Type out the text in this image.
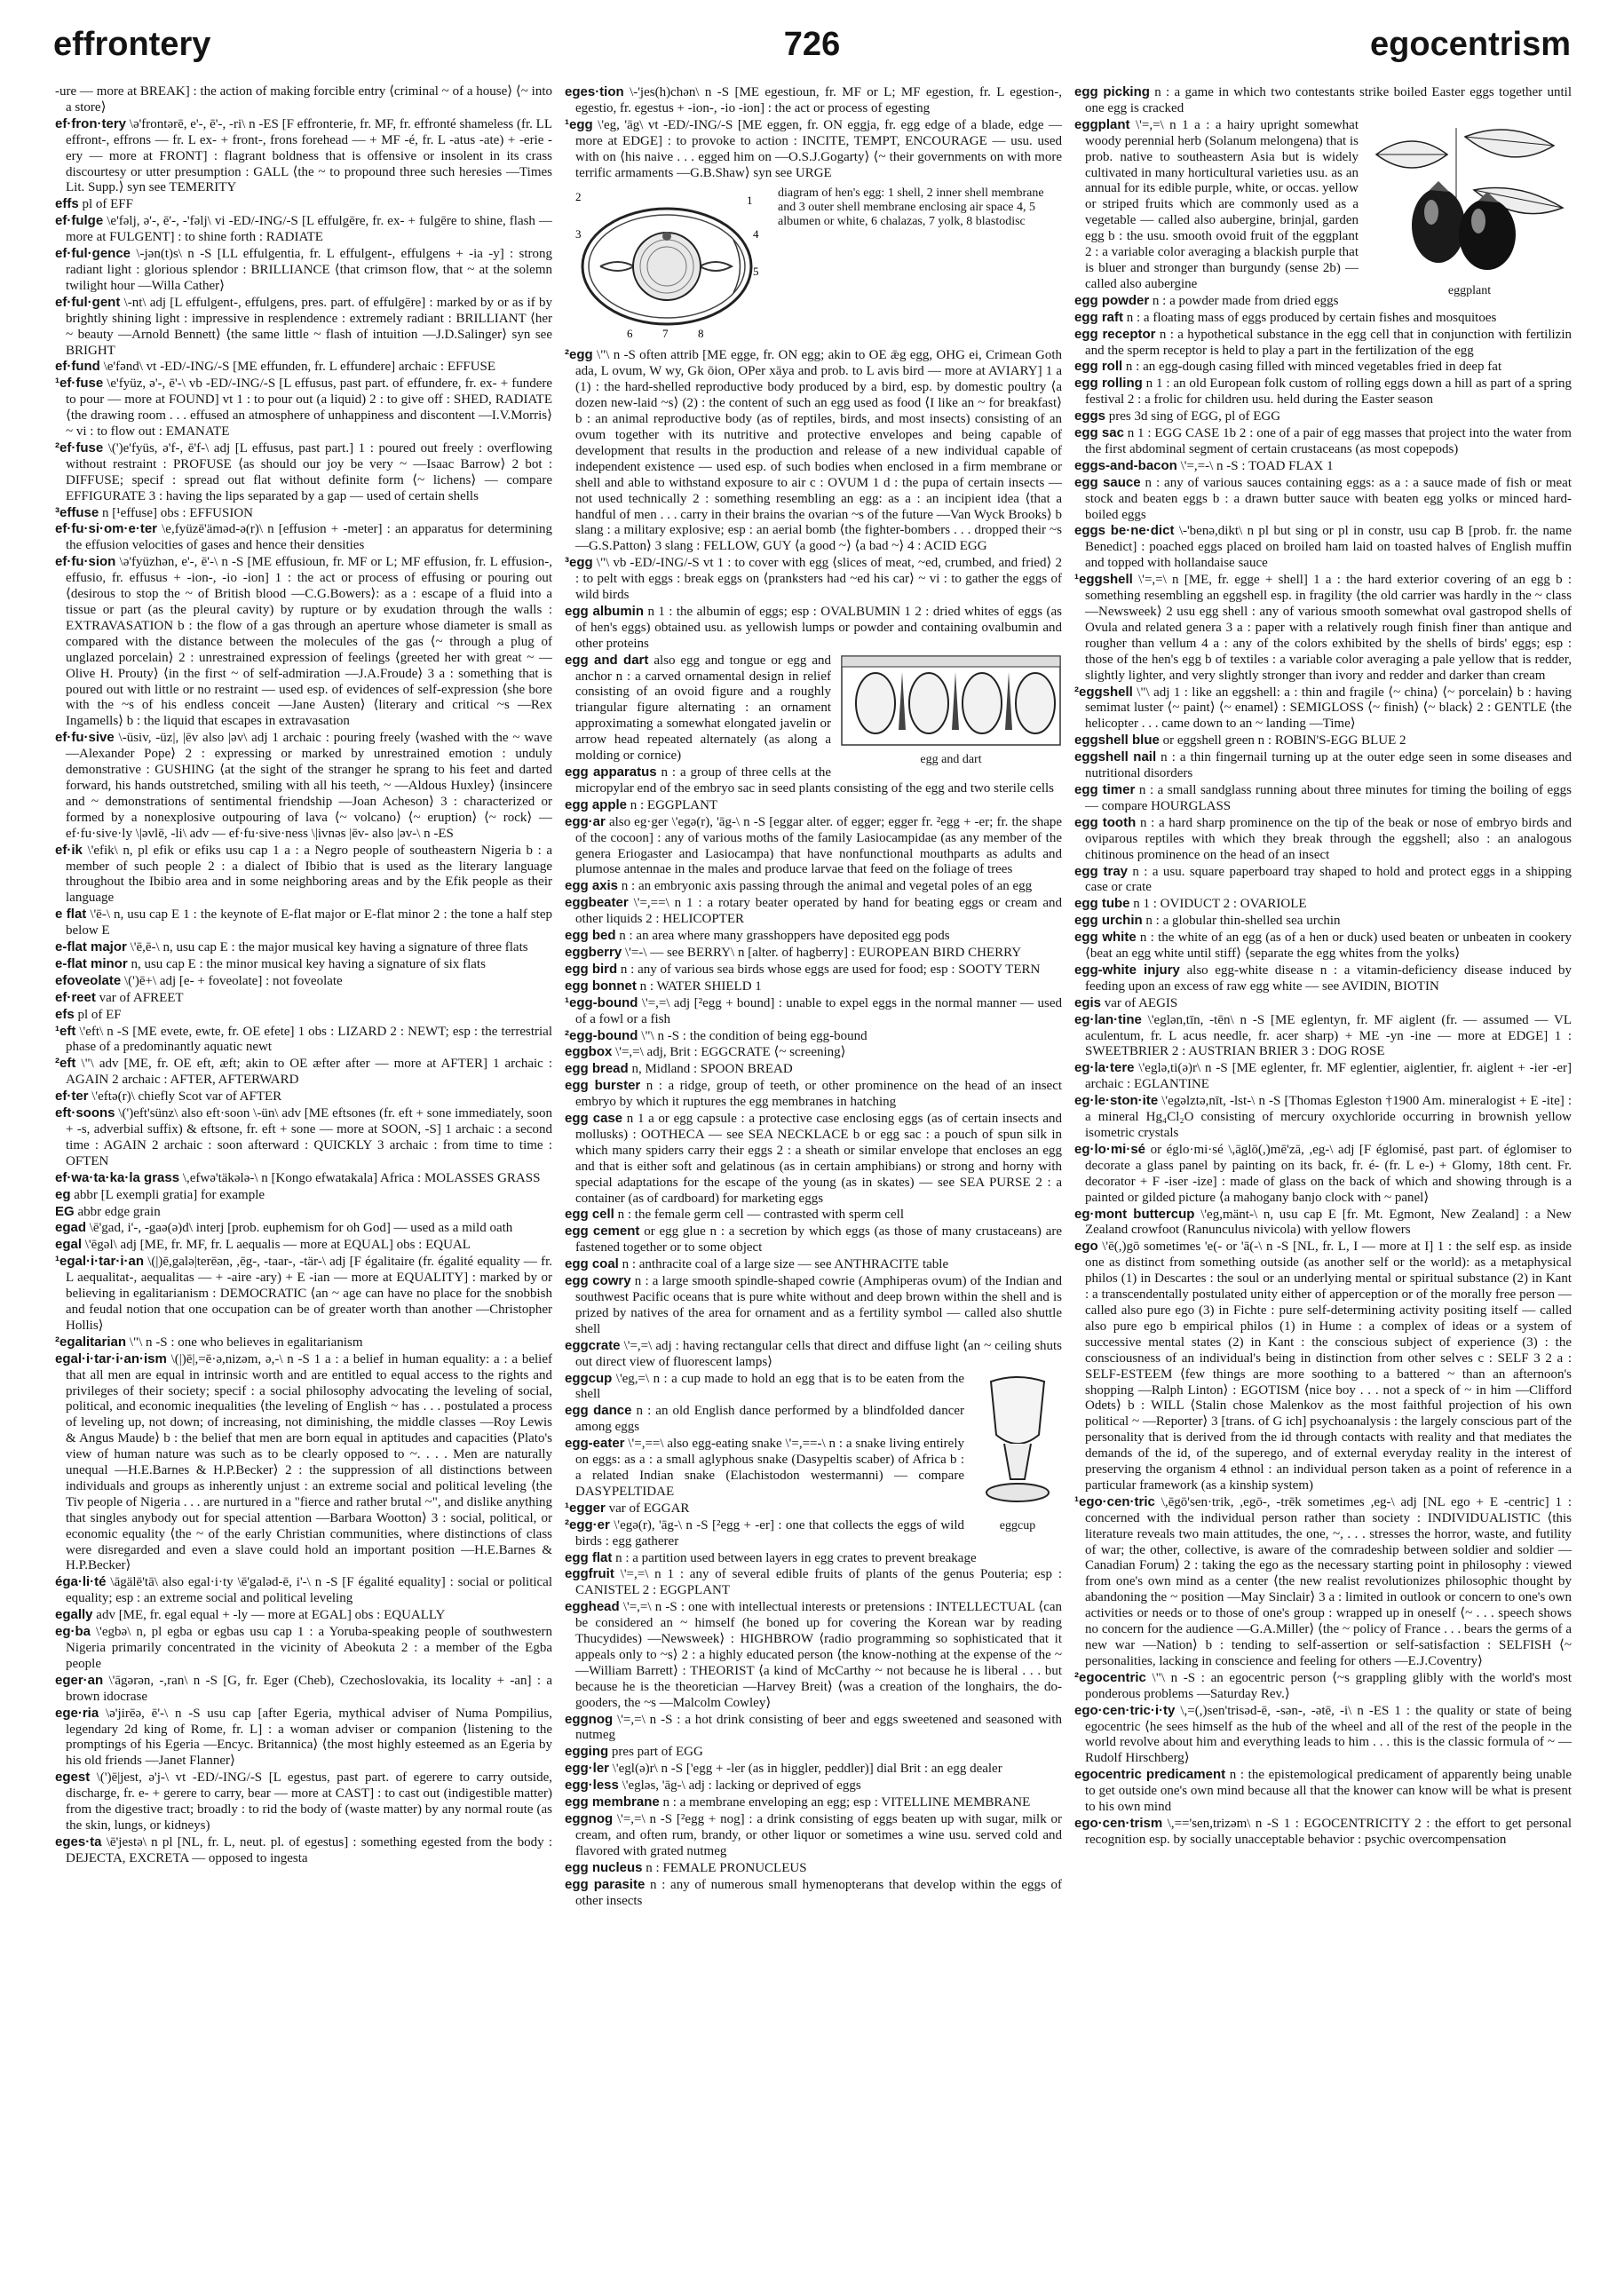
effrontery	726	egocentrism

-ure — more at BREAK] : the action of making forcible entry ⟨criminal ~ of a house⟩ ⟨~ into a store⟩

ef·fron·tery \ə'frontərē, e'-, ē'-, -ri\ n -ES [F effronterie, fr. MF, fr. effronté shameless (fr. LL effront-, effrons — fr. L ex- + front-, frons forehead — + MF -é, fr. L -atus -ate) + -erie -ery — more at FRONT] : flagrant boldness that is offensive or insolent in its crass discourtesy or utter presumption : GALL ⟨the ~ to propound three such heresies —Times Lit. Supp.⟩ syn see TEMERITY

effs pl of EFF

ef·fulge \e'fəlj, ə'-, ē'-, -'fəlj\ vi -ED/-ING/-S [L effulgēre, fr. ex- + fulgēre to shine, flash — more at FULGENT] : to shine forth : RADIATE

ef·ful·gence \-jən(t)s\ n -S [LL effulgentia, fr. L effulgent-, effulgens + -ia -y] : strong radiant light : glorious splendor : BRILLIANCE ⟨that crimson flow, that ~ at the solemn twilight hour —Willa Cather⟩

ef·ful·gent \-nt\ adj [L effulgent-, effulgens, pres. part. of effulgēre] : marked by or as if by brightly shining light : impressive in resplendence : extremely radiant : BRILLIANT ⟨her ~ beauty —Arnold Bennett⟩ ⟨the same little ~ flash of intuition —J.D.Salinger⟩ syn see BRIGHT

ef·fund \e'fənd\ vt -ED/-ING/-S [ME effunden, fr. L effundere] archaic : EFFUSE

¹ef·fuse \e'fyüz, ə'-, ē'-\ vb -ED/-ING/-S [L effusus, past part. of effundere, fr. ex- + fundere to pour — more at FOUND] vt 1 : to pour out (a liquid) 2 : to give off : SHED, RADIATE ⟨the drawing room . . . effused an atmosphere of unhappiness and discontent —I.V.Morris⟩ ~ vi : to flow out : EMANATE

²ef·fuse \(')e'fyüs, ə'f-, ē'f-\ adj [L effusus, past part.] 1 : poured out freely : overflowing without restraint : PROFUSE ⟨as should our joy be very ~ —Isaac Barrow⟩ 2 bot : DIFFUSE; specif : spread out flat without definite form ⟨~ lichens⟩ — compare EFFIGURATE 3 : having the lips separated by a gap — used of certain shells

³effuse n [¹effuse] obs : EFFUSION

ef·fu·si·om·e·ter \e,fyüzē'äməd-ə(r)\ n [effusion + -meter] : an apparatus for determining the effusion velocities of gases and hence their densities

ef·fu·sion \ə'fyüzhən, e'-, ē'-\ n -S [ME effusioun, fr. MF or L; MF effusion, fr. L effusion-, effusio, fr. effusus + -ion-, -io -ion] 1 : the act or process of effusing or pouring out ⟨desirous to stop the ~ of British blood —C.G.Bowers⟩: as a : escape of a fluid into a tissue or part (as the pleural cavity) by rupture or by exudation through the walls : EXTRAVASATION b : the flow of a gas through an aperture whose diameter is small as compared with the distance between the molecules of the gas ⟨~ through a plug of unglazed porcelain⟩ 2 : unrestrained expression of feelings ⟨greeted her with great ~ —Olive H. Prouty⟩ ⟨in the first ~ of self-admiration —J.A.Froude⟩ 3 a : something that is poured out with little or no restraint — used esp. of evidences of self-expression ⟨she bore with the ~s of his endless conceit —Jane Austen⟩ ⟨literary and critical ~s —Rex Ingamells⟩ b : the liquid that escapes in extravasation

ef·fu·sive \-üsiv, -üz|, |ēv also |əv\ adj 1 archaic : pouring freely ⟨washed with the ~ wave —Alexander Pope⟩ 2 : expressing or marked by unrestrained emotion : unduly demonstrative : GUSHING ⟨at the sight of the stranger he sprang to his feet and darted forward, his hands outstretched, smiling with all his teeth, ~ —Aldous Huxley⟩ ⟨insincere and ~ demonstrations of sentimental friendship —Joan Acheson⟩ 3 : characterized or formed by a nonexplosive outpouring of lava ⟨~ volcano⟩ ⟨~ eruption⟩ ⟨~ rock⟩ — ef·fu·sive·ly \|əvlē, -li\ adv — ef·fu·sive·ness \|ivnəs |ēv- also |əv-\ n -ES

ef·ik \'efik\ n, pl efik or efiks usu cap 1 a : a Negro people of southeastern Nigeria b : a member of such people 2 : a dialect of Ibibio that is used as the literary language throughout the Ibibio area and in some neighboring areas and by the Efik people as their language

e flat \'ē-\ n, usu cap E 1 : the keynote of E-flat major or E-flat minor 2 : the tone a half step below E

e-flat major \'ē,ē-\ n, usu cap E : the major musical key having a signature of three flats

e-flat minor n, usu cap E : the minor musical key having a signature of six flats

efoveolate \(')ē+\ adj [e- + foveolate] : not foveolate

ef·reet var of AFREET

efs pl of EF

¹eft \'eft\ n -S [ME evete, ewte, fr. OE efete] 1 obs : LIZARD 2 : NEWT; esp : the terrestrial phase of a predominantly aquatic newt

²eft \"\ adv [ME, fr. OE eft, æft; akin to OE æfter after — more at AFTER] 1 archaic : AGAIN 2 archaic : AFTER, AFTERWARD

ef·ter \'eftə(r)\ chiefly Scot var of AFTER

eft·soons \(')eft'sünz\ also eft·soon \-ün\ adv [ME eftsones (fr. eft + sone immediately, soon + -s, adverbial suffix) & eftsone, fr. eft + sone — more at SOON, -S] 1 archaic : a second time : AGAIN 2 archaic : soon afterward : QUICKLY 3 archaic : from time to time : OFTEN

ef·wa·ta·ka·la grass \,efwə'täkələ-\ n [Kongo efwatakala] Africa : MOLASSES GRASS

eg abbr [L exempli gratia] for example

EG abbr edge grain

egad \ē'gad, i'-, -gaə(ə)d\ interj [prob. euphemism for oh God] — used as a mild oath

egal \'ēgəl\ adj [ME, fr. MF, fr. L aequalis — more at EQUAL] obs : EQUAL

¹egal·i·tar·i·an \(|)ē,galə|terēən, ,ēg-, -taar-, -tär-\ adj [F égalitaire (fr. égalité equality — fr. L aequalitat-, aequalitas — + -aire -ary) + E -ian — more at EQUALITY] : marked by or believing in egalitarianism : DEMOCRATIC ⟨an ~ age can have no place for the snobbish and feudal notion that one occupation can be of greater worth than another —Christopher Hollis⟩

²egalitarian \"\ n -S : one who believes in egalitarianism

egal·i·tar·i·an·ism \(|)ē|,=ē·ə,nizəm, ə,-\ n -S 1 a : a belief in human equality: a : a belief that all men are equal in intrinsic worth and are entitled to equal access to the rights and privileges of their society; specif : a social philosophy advocating the leveling of social, political, and economic inequalities ⟨the leveling of English ~ has . . . postulated a process of leveling up, not down; of increasing, not diminishing, the middle classes —Roy Lewis & Angus Maude⟩ b : the belief that men are born equal in aptitudes and capacities ⟨Plato's view of human nature was such as to be clearly opposed to ~. . . . Men are naturally unequal —H.E.Barnes & H.P.Becker⟩ 2 : the suppression of all distinctions between individuals and groups as inherently unjust : an extreme social and political leveling ⟨the Tiv people of Nigeria . . . are nurtured in a "fierce and rather brutal ~", and dislike anything that singles anybody out for special attention —Barbara Wootton⟩ 3 : social, political, or economic equality ⟨the ~ of the early Christian communities, where distinctions of class were disregarded and even a slave could hold an important position —H.E.Barnes & H.P.Becker⟩

éga·li·té \āgälē'tā\ also egal·i·ty \ē'galəd-ē, i'-\ n -S [F égalité equality] : social or political equality; esp : an extreme social and political leveling

egally adv [ME, fr. egal equal + -ly — more at EGAL] obs : EQUALLY

eg·ba \'egbə\ n, pl egba or egbas usu cap 1 : a Yoruba-speaking people of southwestern Nigeria primarily concentrated in the vicinity of Abeokuta 2 : a member of the Egba people

eger·an \'āgərən, -,ran\ n -S [G, fr. Eger (Cheb), Czechoslovakia, its locality + -an] : a brown idocrase

ege·ria \ə'jirēə, ē'-\ n -S usu cap [after Egeria, mythical adviser of Numa Pompilius, legendary 2d king of Rome, fr. L] : a woman adviser or companion ⟨listening to the promptings of his Egeria —Encyc. Britannica⟩ ⟨the most highly esteemed as an Egeria by his old friends —Janet Flanner⟩

egest \(')ē|jest, ə'j-\ vt -ED/-ING/-S [L egestus, past part. of egerere to carry outside, discharge, fr. e- + gerere to carry, bear — more at CAST] : to cast out (indigestible matter) from the digestive tract; broadly : to rid the body of (waste matter) by any normal route (as the skin, lungs, or kidneys)

eges·ta \ē'jestə\ n pl [NL, fr. L, neut. pl. of egestus] : something egested from the body : DEJECTA, EXCRETA — opposed to ingesta

eges·tion \-'jes(h)chən\ n -S [ME egestioun, fr. MF or L; MF egestion, fr. L egestion-, egestio, fr. egestus + -ion-, -io -ion] : the act or process of egesting

¹egg \'eg, 'āg\ vt -ED/-ING/-S [ME eggen, fr. ON eggja, fr. egg edge of a blade, edge — more at EDGE] : to provoke to action : INCITE, TEMPT, ENCOURAGE — usu. used with on ⟨his naive . . . egged him on —O.S.J.Gogarty⟩ ⟨~ their governments on with more terrific armaments —G.B.Shaw⟩ syn see URGE

2
3
1
4
5
6	7	8
diagram of hen's egg: 1 shell, 2 inner shell membrane and 3 outer shell membrane enclosing air space 4, 5 albumen or white, 6 chalazas, 7 yolk, 8 blastodisc

²egg \"\ n -S often attrib [ME egge, fr. ON egg; akin to OE ǣg egg, OHG ei, Crimean Goth ada, L ovum, W wy, Gk ōion, OPer xāya and prob. to L avis bird — more at AVIARY] 1 a (1) : the hard-shelled reproductive body produced by a bird, esp. by domestic poultry ⟨a dozen new-laid ~s⟩ (2) : the content of such an egg used as food ⟨I like an ~ for breakfast⟩ b : an animal reproductive body (as of reptiles, birds, and most insects) consisting of an ovum together with its nutritive and protective envelopes and being capable of development that results in the production and release of a new individual capable of independent existence — used esp. of such bodies when enclosed in a firm membrane or shell and able to withstand exposure to air c : OVUM 1 d : the pupa of certain insects — not used technically 2 : something resembling an egg: as a : an incipient idea ⟨that a handful of men . . . carry in their brains the ovarian ~s of the future —Van Wyck Brooks⟩ b slang : a military explosive; esp : an aerial bomb ⟨the fighter-bombers . . . dropped their ~s —G.S.Patton⟩ 3 slang : FELLOW, GUY ⟨a good ~⟩ ⟨a bad ~⟩ 4 : ACID EGG

³egg \"\ vb -ED/-ING/-S vt 1 : to cover with egg ⟨slices of meat, ~ed, crumbed, and fried⟩ 2 : to pelt with eggs : break eggs on ⟨pranksters had ~ed his car⟩ ~ vi : to gather the eggs of wild birds

egg albumin n 1 : the albumin of eggs; esp : OVALBUMIN 1 2 : dried whites of eggs (as of hen's eggs) obtained usu. as yellowish lumps or powder and containing ovalbumin and other proteins

egg and dart

egg and dart also egg and tongue or egg and anchor n : a carved ornamental design in relief consisting of an ovoid figure and a roughly triangular figure alternating : an ornament approximating a somewhat elongated javelin or arrow head repeated alternately (as along a molding or cornice)

egg apparatus n : a group of three cells at the micropylar end of the embryo sac in seed plants consisting of the egg and two sterile cells

egg apple n : EGGPLANT

egg·ar also eg·ger \'egə(r), 'āg-\ n -S [eggar alter. of egger; egger fr. ²egg + -er; fr. the shape of the cocoon] : any of various moths of the family Lasiocampidae (as any member of the genera Eriogaster and Lasiocampa) that have nonfunctional mouthparts as adults and plumose antennae in the males and produce larvae that feed on the foliage of trees

egg axis n : an embryonic axis passing through the animal and vegetal poles of an egg

eggbeater \'=,==\ n 1 : a rotary beater operated by hand for beating eggs or cream and other liquids 2 : HELICOPTER

egg bed n : an area where many grasshoppers have deposited egg pods

eggberry \'=-\ — see BERRY\ n [alter. of hagberry] : EUROPEAN BIRD CHERRY

egg bird n : any of various sea birds whose eggs are used for food; esp : SOOTY TERN

egg bonnet n : WATER SHIELD 1

¹egg-bound \'=,=\ adj [²egg + bound] : unable to expel eggs in the normal manner — used of a fowl or a fish

²egg-bound \"\ n -S : the condition of being egg-bound

eggbox \'=,=\ adj, Brit : EGGCRATE ⟨~ screening⟩

egg bread n, Midland : SPOON BREAD

egg burster n : a ridge, group of teeth, or other prominence on the head of an insect embryo by which it ruptures the egg membranes in hatching

egg case n 1 a or egg capsule : a protective case enclosing eggs (as of certain insects and mollusks) : OOTHECA — see SEA NECKLACE b or egg sac : a pouch of spun silk in which many spiders carry their eggs 2 : a sheath or similar envelope that encloses an egg and that is either soft and gelatinous (as in certain amphibians) or strong and horny with special adaptations for the escape of the young (as in skates) — see SEA PURSE 2 : a container (as of cardboard) for marketing eggs

egg cell n : the female germ cell — contrasted with sperm cell

egg cement or egg glue n : a secretion by which eggs (as those of many crustaceans) are fastened together or to some object

egg coal n : anthracite coal of a large size — see ANTHRACITE table

egg cowry n : a large smooth spindle-shaped cowrie (Amphiperas ovum) of the Indian and southwest Pacific oceans that is pure white without and deep brown within the shell and is prized by natives of the area for ornament and as a fertility symbol — called also shuttle shell

eggcrate \'=,=\ adj : having rectangular cells that direct and diffuse light ⟨an ~ ceiling shuts out direct view of fluorescent lamps⟩

eggcup

eggcup \'eg,=\ n : a cup made to hold an egg that is to be eaten from the shell

egg dance n : an old English dance performed by a blindfolded dancer among eggs

egg-eater \'=,==\ also egg-eating snake \'=,==-\ n : a snake living entirely on eggs: as a : a small aglyphous snake (Dasypeltis scaber) of Africa b : a related Indian snake (Elachistodon westermanni) — compare DASYPELTIDAE

¹egger var of EGGAR

²egg·er \'egə(r), 'āg-\ n -S [²egg + -er] : one that collects the eggs of wild birds : egg gatherer

egg flat n : a partition used between layers in egg crates to prevent breakage

eggfruit \'=,=\ n 1 : any of several edible fruits of plants of the genus Pouteria; esp : CANISTEL 2 : EGGPLANT

egghead \'=,=\ n -S : one with intellectual interests or pretensions : INTELLECTUAL ⟨can be considered an ~ himself (he boned up for covering the Korean war by reading Thucydides) —Newsweek⟩ : HIGHBROW ⟨radio programming so sophisticated that it appeals only to ~s⟩ 2 : a highly educated person ⟨the know-nothing at the expense of the ~ —William Barrett⟩ : THEORIST ⟨a kind of McCarthy ~ not because he is liberal . . . but because he is the theoretician —Harvey Breit⟩ ⟨was a creation of the longhairs, the do-gooders, the ~s —Malcolm Cowley⟩

eggnog \'=,=\ n -S : a hot drink consisting of beer and eggs sweetened and seasoned with nutmeg

egging pres part of EGG

egg·ler \'egl(ə)r\ n -S ['egg + -ler (as in higgler, peddler)] dial Brit : an egg dealer

egg·less \'egləs, 'āg-\ adj : lacking or deprived of eggs

egg membrane n : a membrane enveloping an egg; esp : VITELLINE MEMBRANE

eggnog \'=,=\ n -S [²egg + nog] : a drink consisting of eggs beaten up with sugar, milk or cream, and often rum, brandy, or other liquor or sometimes a wine usu. served cold and flavored with grated nutmeg

egg nucleus n : FEMALE PRONUCLEUS

egg parasite n : any of numerous small hymenopterans that develop within the eggs of other insects

egg picking n : a game in which two contestants strike boiled Easter eggs together until one egg is cracked

eggplant

eggplant \'=,=\ n 1 a : a hairy upright somewhat woody perennial herb (Solanum melongena) that is prob. native to southeastern Asia but is widely cultivated in many horticultural varieties usu. as an annual for its edible purple, white, or occas. yellow or striped fruits which are commonly used as a vegetable — called also aubergine, brinjal, garden egg b : the usu. smooth ovoid fruit of the eggplant 2 : a variable color averaging a blackish purple that is bluer and stronger than burgundy (sense 2b) — called also aubergine

egg powder n : a powder made from dried eggs

egg raft n : a floating mass of eggs produced by certain fishes and mosquitoes

egg receptor n : a hypothetical substance in the egg cell that in conjunction with fertilizin and the sperm receptor is held to play a part in the fertilization of the egg

egg roll n : an egg-dough casing filled with minced vegetables fried in deep fat

egg rolling n 1 : an old European folk custom of rolling eggs down a hill as part of a spring festival 2 : a frolic for children usu. held during the Easter season

eggs pres 3d sing of EGG, pl of EGG

egg sac n 1 : EGG CASE 1b 2 : one of a pair of egg masses that project into the water from the first abdominal segment of certain crustaceans (as most copepods)

eggs-and-bacon \'=,=-\ n -S : TOAD FLAX 1

egg sauce n : any of various sauces containing eggs: as a : a sauce made of fish or meat stock and beaten eggs b : a drawn butter sauce with beaten egg yolks or minced hard-boiled eggs

eggs be·ne·dict \-'benə,dikt\ n pl but sing or pl in constr, usu cap B [prob. fr. the name Benedict] : poached eggs placed on broiled ham laid on toasted halves of English muffin and topped with hollandaise sauce

¹eggshell \'=,=\ n [ME, fr. egge + shell] 1 a : the hard exterior covering of an egg b : something resembling an eggshell esp. in fragility ⟨the old carrier was hardly in the ~ class —Newsweek⟩ 2 usu egg shell : any of various smooth somewhat oval gastropod shells of Ovula and related genera 3 a : paper with a relatively rough finish finer than antique and rougher than vellum 4 a : any of the colors exhibited by the shells of birds' eggs; esp : those of the hen's egg b of textiles : a variable color averaging a pale yellow that is redder, slightly lighter, and very slightly stronger than ivory and redder and darker than cream

²eggshell \"\ adj 1 : like an eggshell: a : thin and fragile ⟨~ china⟩ ⟨~ porcelain⟩ b : having semimat luster ⟨~ paint⟩ ⟨~ enamel⟩ : SEMIGLOSS ⟨~ finish⟩ ⟨~ black⟩ 2 : GENTLE ⟨the helicopter . . . came down to an ~ landing —Time⟩

eggshell blue or eggshell green n : ROBIN'S-EGG BLUE 2

eggshell nail n : a thin fingernail turning up at the outer edge seen in some diseases and nutritional disorders

egg timer n : a small sandglass running about three minutes for timing the boiling of eggs — compare HOURGLASS

egg tooth n : a hard sharp prominence on the tip of the beak or nose of embryo birds and oviparous reptiles with which they break through the eggshell; also : an analogous chitinous prominence on the head of an insect

egg tray n : a usu. square paperboard tray shaped to hold and protect eggs in a shipping case or crate

egg tube n 1 : OVIDUCT 2 : OVARIOLE

egg urchin n : a globular thin-shelled sea urchin

egg white n : the white of an egg (as of a hen or duck) used beaten or unbeaten in cookery ⟨beat an egg white until stiff⟩ ⟨separate the egg whites from the yolks⟩

egg-white injury also egg-white disease n : a vitamin-deficiency disease induced by feeding upon an excess of raw egg white — see AVIDIN, BIOTIN

egis var of AEGIS

eg·lan·tine \'eglən,tīn, -tēn\ n -S [ME eglentyn, fr. MF aiglent (fr. — assumed — VL aculentum, fr. L acus needle, fr. acer sharp) + ME -yn -ine — more at EDGE] 1 : SWEETBRIER 2 : AUSTRIAN BRIER 3 : DOG ROSE

eg·la·tere \'eglə,ti(ə)r\ n -S [ME eglenter, fr. MF eglentier, aiglentier, fr. aiglent + -ier -er] archaic : EGLANTINE

eg·le·ston·ite \'egəlztə,nīt, -lst-\ n -S [Thomas Egleston †1900 Am. mineralogist + E -ite] : a mineral Hg₄Cl₂O consisting of mercury oxychloride occurring in brownish yellow isometric crystals

eg·lo·mi·sé or églo·mi·sé \,āglō(,)mē'zā, ,eg-\ adj [F églomisé, past part. of églomiser to decorate a glass panel by painting on its back, fr. é- (fr. L e-) + Glomy, 18th cent. Fr. decorator + F -iser -ize] : made of glass on the back of which and showing through is a painted or gilded picture ⟨a mahogany banjo clock with ~ panel⟩

eg·mont buttercup \'eg,mänt-\ n, usu cap E [fr. Mt. Egmont, New Zealand] : a New Zealand crowfoot (Ranunculus nivicola) with yellow flowers

ego \'ē(,)gō sometimes 'e(- or 'ā(-\ n -S [NL, fr. L, I — more at I] 1 : the self esp. as inside one as distinct from something outside (as another self or the world): as a metaphysical philos (1) in Descartes : the soul or an underlying mental or spiritual substance (2) in Kant : a transcendentally postulated unity either of apperception or of the morally free person — called also pure ego (3) in Fichte : pure self-determining activity positing itself — called also pure ego b empirical philos (1) in Hume : a complex of ideas or a system of successive mental states (2) in Kant : the conscious subject of experience (3) : the consciousness of an individual's being in distinction from other selves c : SELF 3 2 a : SELF-ESTEEM ⟨few things are more soothing to a battered ~ than an afternoon's shopping —Ralph Linton⟩ : EGOTISM ⟨nice boy . . . not a speck of ~ in him —Clifford Odets⟩ b : WILL ⟨Stalin chose Malenkov as the most faithful projection of his own political ~ —Reporter⟩ 3 [trans. of G ich] psychoanalysis : the largely conscious part of the personality that is derived from the id through contacts with reality and that mediates the demands of the id, of the superego, and of external everyday reality in the interest of preserving the organism 4 ethnol : an individual person taken as a point of reference in a particular framework (as a kinship system)

¹ego·cen·tric \,ēgō'sen·trik, ,egō-, -trēk sometimes ,eg-\ adj [NL ego + E -centric] 1 : concerned with the individual person rather than society : INDIVIDUALISTIC ⟨this literature reveals two main attitudes, the one, ~, . . . stresses the horror, waste, and futility of war; the other, collective, is aware of the comradeship between soldier and soldier —Canadian Forum⟩ 2 : taking the ego as the necessary starting point in philosophy : viewed from one's own mind as a center ⟨the new realist revolutionizes philosophic thought by abandoning the ~ position —May Sinclair⟩ 3 a : limited in outlook or concern to one's own activities or needs or to those of one's group : wrapped up in oneself ⟨~ . . . speech shows no concern for the audience —G.A.Miller⟩ ⟨the ~ policy of France . . . bears the germs of a new war —Nation⟩ b : tending to self-assertion or self-satisfaction : SELFISH ⟨~ personalities, lacking in conscience and feeling for others —E.J.Coventry⟩

²egocentric \"\ n -S : an egocentric person ⟨~s grappling glibly with the world's most ponderous problems —Saturday Rev.⟩

ego·cen·tric·i·ty \,=(,)sen'trisəd-ē, -sən-, -ətē, -i\ n -ES 1 : the quality or state of being egocentric ⟨he sees himself as the hub of the wheel and all of the rest of the people in the world revolve about him and everything leads to him . . . this is the classic formula of ~ —Rudolf Hirschberg⟩

egocentric predicament n : the epistemological predicament of apparently being unable to get outside one's own mind because all that the knower can know will be what is present to his own mind

ego·cen·trism \,=='sen,trizəm\ n -S 1 : EGOCENTRICITY 2 : the effort to get personal recognition esp. by socially unacceptable behavior : psychic overcompensation
